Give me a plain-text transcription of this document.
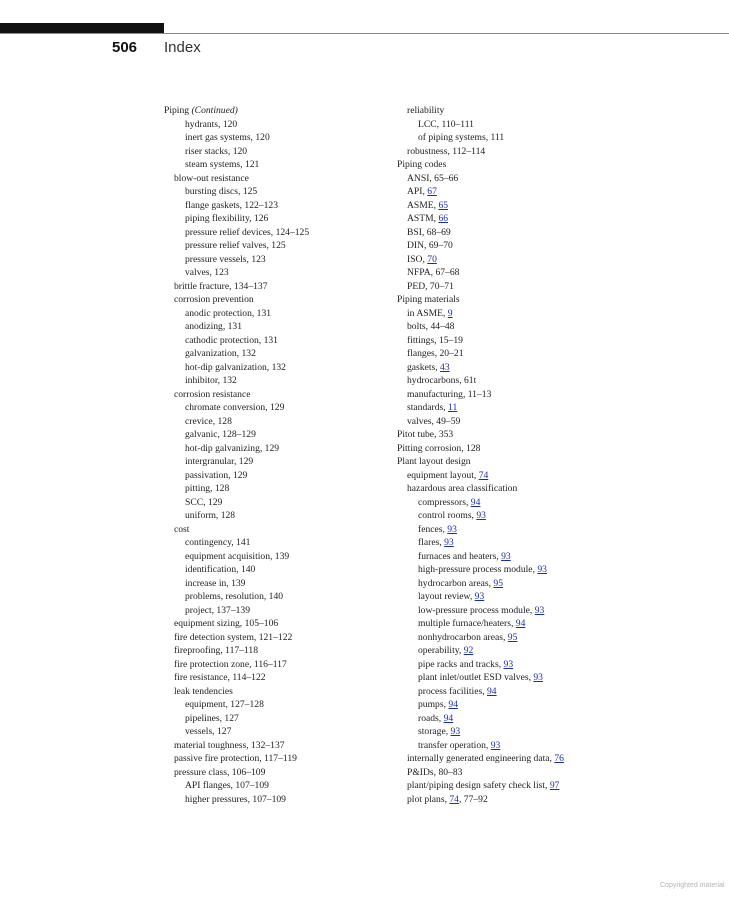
506 Index
Piping (Continued)
hydrants, 120
inert gas systems, 120
riser stacks, 120
steam systems, 121
blow-out resistance
bursting discs, 125
flange gaskets, 122–123
piping flexibility, 126
pressure relief devices, 124–125
pressure relief valves, 125
pressure vessels, 123
valves, 123
brittle fracture, 134–137
corrosion prevention
anodic protection, 131
anodizing, 131
cathodic protection, 131
galvanization, 132
hot-dip galvanization, 132
inhibitor, 132
corrosion resistance
chromate conversion, 129
crevice, 128
galvanic, 128–129
hot-dip galvanizing, 129
intergranular, 129
passivation, 129
pitting, 128
SCC, 129
uniform, 128
cost
contingency, 141
equipment acquisition, 139
identification, 140
increase in, 139
problems, resolution, 140
project, 137–139
equipment sizing, 105–106
fire detection system, 121–122
fireproofing, 117–118
fire protection zone, 116–117
fire resistance, 114–122
leak tendencies
equipment, 127–128
pipelines, 127
vessels, 127
material toughness, 132–137
passive fire protection, 117–119
pressure class, 106–109
API flanges, 107–109
higher pressures, 107–109
reliability
LCC, 110–111
of piping systems, 111
robustness, 112–114
Piping codes
ANSI, 65–66
API, 67
ASME, 65
ASTM, 66
BSI, 68–69
DIN, 69–70
ISO, 70
NFPA, 67–68
PED, 70–71
Piping materials
in ASME, 9
bolts, 44–48
fittings, 15–19
flanges, 20–21
gaskets, 43
hydrocarbons, 61t
manufacturing, 11–13
standards, 11
valves, 49–59
Pitot tube, 353
Pitting corrosion, 128
Plant layout design
equipment layout, 74
hazardous area classification
compressors, 94
control rooms, 93
fences, 93
flares, 93
furnaces and heaters, 93
high-pressure process module, 93
hydrocarbon areas, 95
layout review, 93
low-pressure process module, 93
multiple furnace/heaters, 94
nonhydrocarbon areas, 95
operability, 92
pipe racks and tracks, 93
plant inlet/outlet ESD valves, 93
process facilities, 94
pumps, 94
roads, 94
storage, 93
transfer operation, 93
internally generated engineering data, 76
P&IDs, 80–83
plant/piping design safety check list, 97
plot plans, 74, 77–92
Copyrighted material
